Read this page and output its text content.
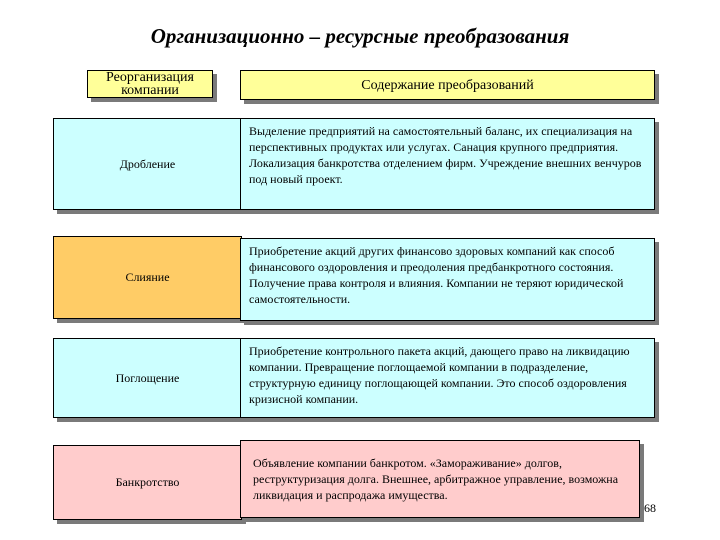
Организационно – ресурсные преобразования
Реорганизация компании	Содержание преобразований
Дробление
Выделение предприятий на самостоятельный баланс, их специализация на перспективных продуктах или услугах. Санация крупного предприятия. Локализация банкротства отделением фирм. Учреждение внешних венчуров под новый проект.
Слияние
Приобретение акций других финансово здоровых компаний как способ финансового оздоровления и преодоления предбанкротного состояния. Получение права контроля и влияния. Компании не теряют юридической самостоятельности.
Поглощение
Приобретение контрольного пакета акций, дающего право на ликвидацию компании. Превращение поглощаемой компании в подразделение, структурную единицу поглощающей компании. Это способ оздоровления кризисной компании.
Банкротство
Объявление компании банкротом. «Замораживание» долгов, реструктуризация долга. Внешнее, арбитражное управление, возможна ликвидация и распродажа имущества.
68
